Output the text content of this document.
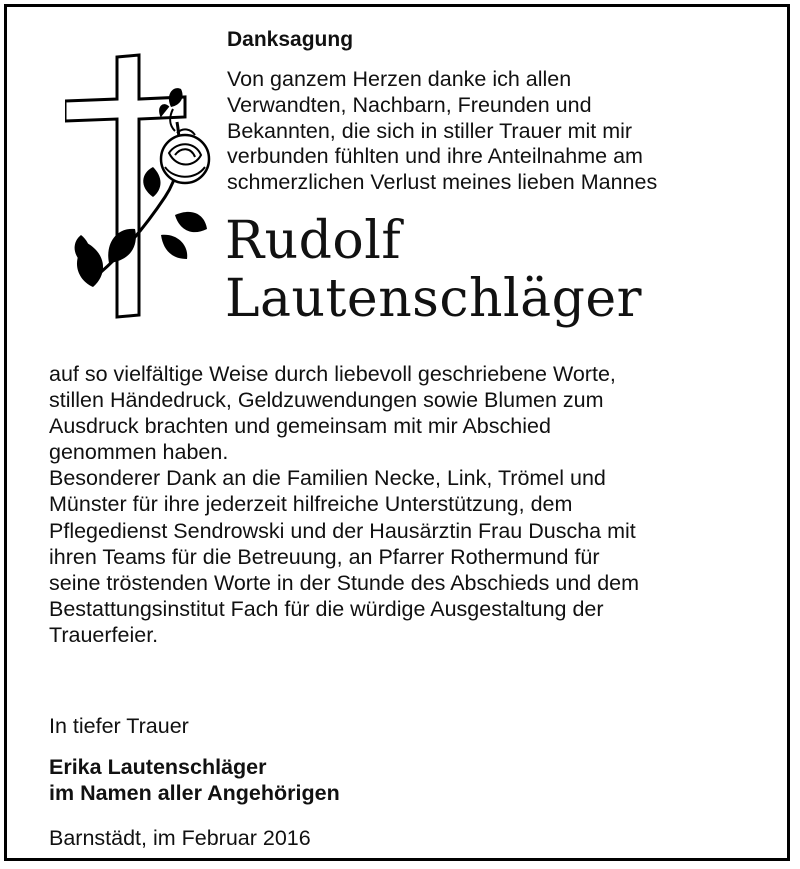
Danksagung
Von ganzem Herzen danke ich allen
Verwandten, Nachbarn, Freunden und
Bekannten, die sich in stiller Trauer mit mir
verbunden fühlten und ihre Anteilnahme am
schmerzlichen Verlust meines lieben Mannes
Rudolf
Lautenschläger
auf so vielfältige Weise durch liebevoll geschriebene Worte,
stillen Händedruck, Geldzuwendungen sowie Blumen zum
Ausdruck brachten und gemeinsam mit mir Abschied
genommen haben.
Besonderer Dank an die Familien Necke, Link, Trömel und
Münster für ihre jederzeit hilfreiche Unterstützung, dem
Pflegedienst Sendrowski und der Hausärztin Frau Duscha mit
ihren Teams für die Betreuung, an Pfarrer Rothermund für
seine tröstenden Worte in der Stunde des Abschieds und dem
Bestattungsinstitut Fach für die würdige Ausgestaltung der
Trauerfeier.
In tiefer Trauer
Erika Lautenschläger
im Namen aller Angehörigen
Barnstädt, im Februar 2016
